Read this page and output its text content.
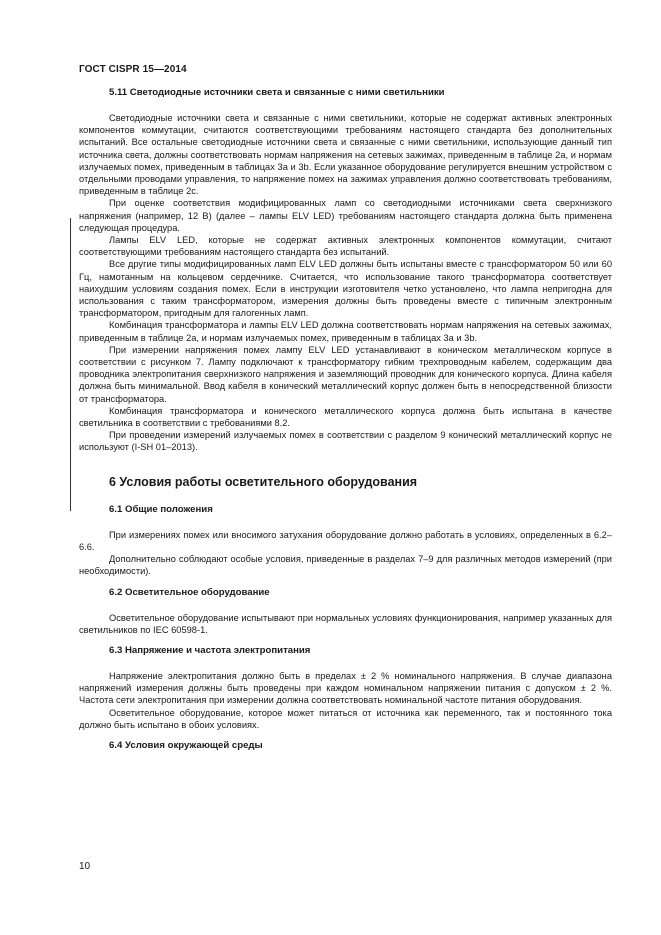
ГОСТ CISPR 15—2014
5.11 Светодиодные источники света и связанные с ними светильники

Светодиодные источники света и связанные с ними светильники, которые не содержат активных электронных компонентов коммутации, считаются соответствующими требованиям настоящего стандарта без дополнительных испытаний. Все остальные светодиодные источники света и связанные с ними светильники, использующие данный тип источника света, должны соответствовать нормам напряжения на сетевых зажимах, приведенным в таблице 2а, и нормам излучаемых помех, приведенным в таблицах 3а и 3b. Если указанное оборудование регулируется внешним устройством с отдельными проводами управления, то напряжение помех на зажимах управления должно соответствовать требованиям, приведенным в таблице 2с.

При оценке соответствия модифицированных ламп со светодиодными источниками света сверхнизкого напряжения (например, 12 В) (далее – лампы ELV LED) требованиям настоящего стандарта должна быть применена следующая процедура.

Лампы ELV LED, которые не содержат активных электронных компонентов коммутации, считают соответствующими требованиям настоящего стандарта без испытаний.

Все другие типы модифицированных ламп ELV LED должны быть испытаны вместе с трансформатором 50 или 60 Гц, намотанным на кольцевом сердечнике. Считается, что использование такого трансформатора соответствует наихудшим условиям создания помех. Если в инструкции изготовителя четко установлено, что лампа непригодна для использования с таким трансформатором, измерения должны быть проведены вместе с типичным электронным трансформатором, пригодным для галогенных ламп.

Комбинация трансформатора и лампы ELV LED должна соответствовать нормам напряжения на сетевых зажимах, приведенным в таблице 2а, и нормам излучаемых помех, приведенным в таблицах 3а и 3b.

При измерении напряжения помех лампу ELV LED устанавливают в коническом металлическом корпусе в соответствии с рисунком 7. Лампу подключают к трансформатору гибким трехпроводным кабелем, содержащим два проводника электропитания сверхнизкого напряжения и заземляющий проводник для конического корпуса. Длина кабеля должна быть минимальной. Ввод кабеля в конический металлический корпус должен быть в непосредственной близости от трансформатора.

Комбинация трансформатора и конического металлического корпуса должна быть испытана в качестве светильника в соответствии с требованиями 8.2.

При проведении измерений излучаемых помех в соответствии с разделом 9 конический металлический корпус не используют (I-SH 01–2013).

6 Условия работы осветительного оборудования
6.1 Общие положения

При измерениях помех или вносимого затухания оборудование должно работать в условиях, определенных в 6.2–6.6.

Дополнительно соблюдают особые условия, приведенные в разделах 7–9 для различных методов измерений (при необходимости).

6.2 Осветительное оборудование

Осветительное оборудование испытывают при нормальных условиях функционирования, например указанных для светильников по IEC 60598-1.

6.3 Напряжение и частота электропитания

Напряжение электропитания должно быть в пределах ± 2 % номинального напряжения. В случае диапазона напряжений измерения должны быть проведены при каждом номинальном напряжении питания с допуском ± 2 %. Частота сети электропитания при измерении должна соответствовать номинальной частоте питания оборудования.

Осветительное оборудование, которое может питаться от источника как переменного, так и постоянного тока должно быть испытано в обоих условиях.

6.4 Условия окружающей среды
10
